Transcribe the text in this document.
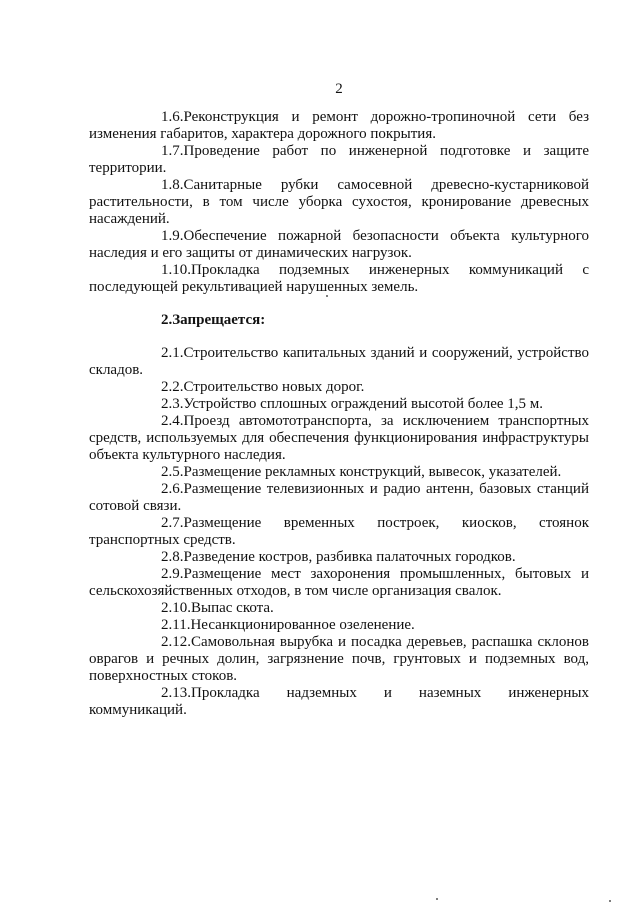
2

1.6.Реконструкция и ремонт дорожно-тропиночной сети без изменения габаритов, характера дорожного покрытия.

1.7.Проведение работ по инженерной подготовке и защите территории.

1.8.Санитарные рубки самосевной древесно-кустарниковой растительности, в том числе уборка сухостоя, кронирование древесных насаждений.

1.9.Обеспечение пожарной безопасности объекта культурного наследия и его защиты от динамических нагрузок.

1.10.Прокладка подземных инженерных коммуникаций с последующей рекультивацией нарушенных земель.

2.Запрещается:

2.1.Строительство капитальных зданий и сооружений, устройство складов.

2.2.Строительство новых дорог.

2.3.Устройство сплошных ограждений высотой более 1,5 м.

2.4.Проезд автомототранспорта, за исключением транспортных средств, используемых для обеспечения функционирования инфраструктуры объекта культурного наследия.

2.5.Размещение рекламных конструкций, вывесок, указателей.

2.6.Размещение телевизионных и радио антенн, базовых станций сотовой связи.

2.7.Размещение временных построек, киосков, стоянок транспортных средств.

2.8.Разведение костров, разбивка палаточных городков.

2.9.Размещение мест захоронения промышленных, бытовых и сельскохозяйственных отходов, в том числе организация свалок.

2.10.Выпас скота.

2.11.Несанкционированное озеленение.

2.12.Самовольная вырубка и посадка деревьев, распашка склонов оврагов и речных долин, загрязнение почв, грунтовых и подземных вод, поверхностных стоков.

2.13.Прокладка надземных и наземных инженерных коммуникаций.
